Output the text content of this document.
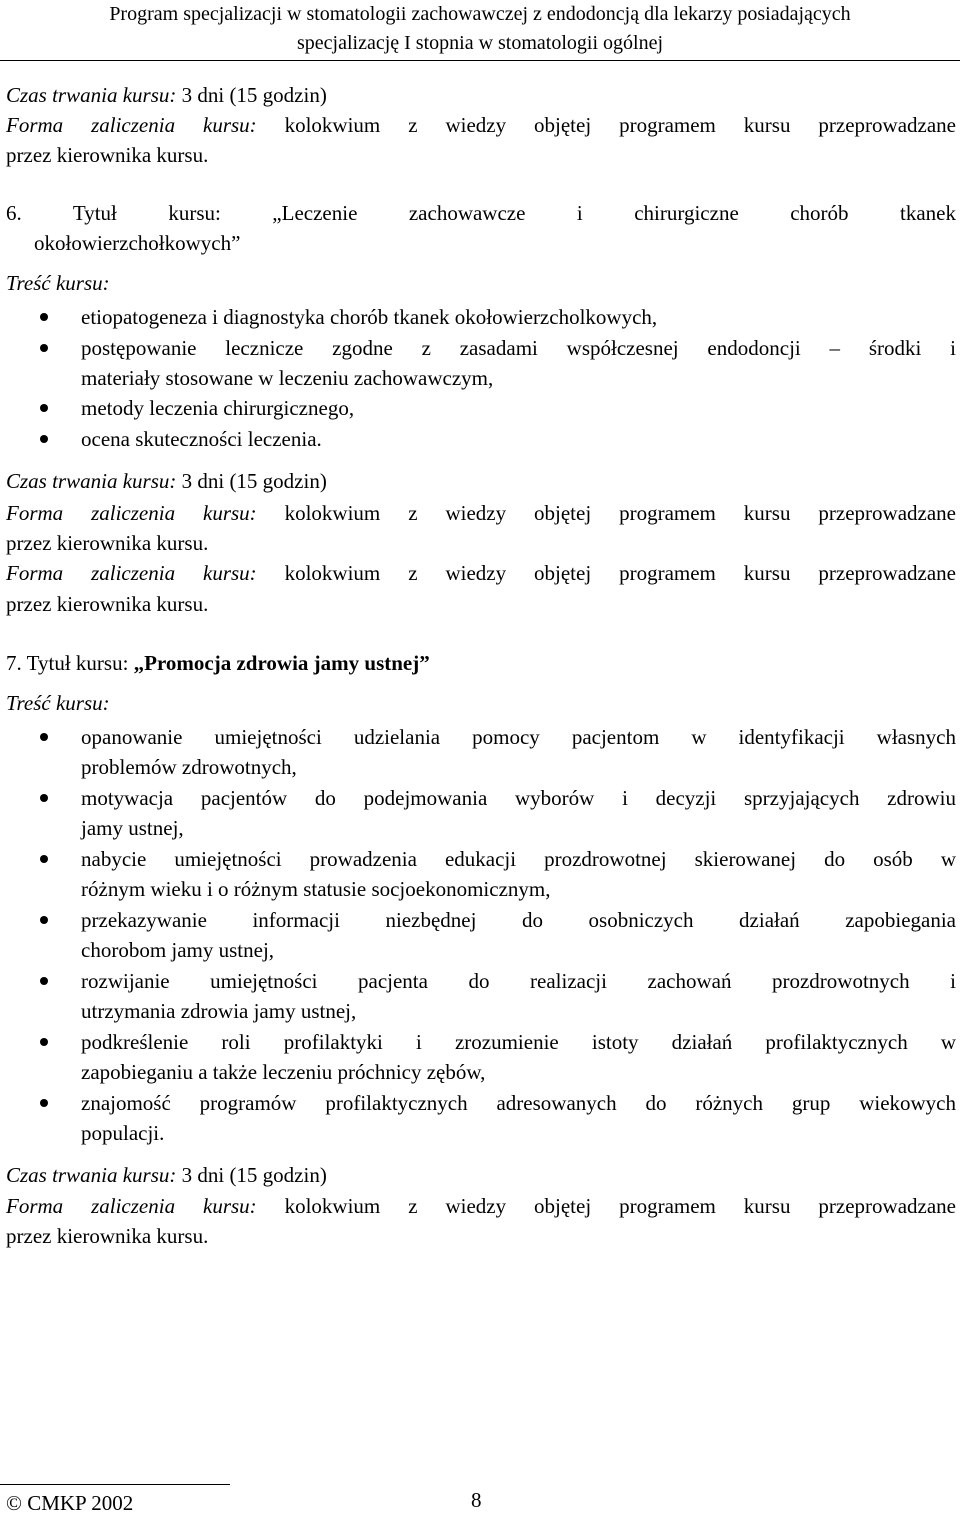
Program specjalizacji w stomatologii zachowawczej z endodoncją dla lekarzy posiadających
specjalizację I stopnia w stomatologii ogólnej
Czas trwania kursu: 3 dni (15 godzin)
Forma zaliczenia kursu: kolokwium z wiedzy objętej programem kursu przeprowadzane
przez kierownika kursu.
6. Tytuł kursu: „Leczenie zachowawcze i chirurgiczne chorób tkanek
okołowierzchołkowych”
Treść kursu:
etiopatogeneza i diagnostyka chorób tkanek okołowierzcholkowych,
postępowanie lecznicze zgodne z zasadami współczesnej endodoncji – środki i
materiały stosowane w leczeniu zachowawczym,
metody leczenia chirurgicznego,
ocena skuteczności leczenia.
Czas trwania kursu: 3 dni (15 godzin)
Forma zaliczenia kursu: kolokwium z wiedzy objętej programem kursu przeprowadzane
przez kierownika kursu.
Forma zaliczenia kursu: kolokwium z wiedzy objętej programem kursu przeprowadzane
przez kierownika kursu.
7. Tytuł kursu: „Promocja zdrowia jamy ustnej”
Treść kursu:
opanowanie umiejętności udzielania pomocy pacjentom w identyfikacji własnych
problemów zdrowotnych,
motywacja pacjentów do podejmowania wyborów i decyzji sprzyjających zdrowiu
jamy ustnej,
nabycie umiejętności prowadzenia edukacji prozdrowotnej skierowanej do osób w
różnym wieku i o różnym statusie socjoekonomicznym,
przekazywanie informacji niezbędnej do osobniczych działań zapobiegania
chorobom jamy ustnej,
rozwijanie umiejętności pacjenta do realizacji zachowań prozdrowotnych i
utrzymania zdrowia jamy ustnej,
podkreślenie roli profilaktyki i zrozumienie istoty działań profilaktycznych w
zapobieganiu a także leczeniu próchnicy zębów,
znajomość programów profilaktycznych adresowanych do różnych grup wiekowych
populacji.
Czas trwania kursu: 3 dni (15 godzin)
Forma zaliczenia kursu: kolokwium z wiedzy objętej programem kursu przeprowadzane
przez kierownika kursu.
© CMKP 2002	8
